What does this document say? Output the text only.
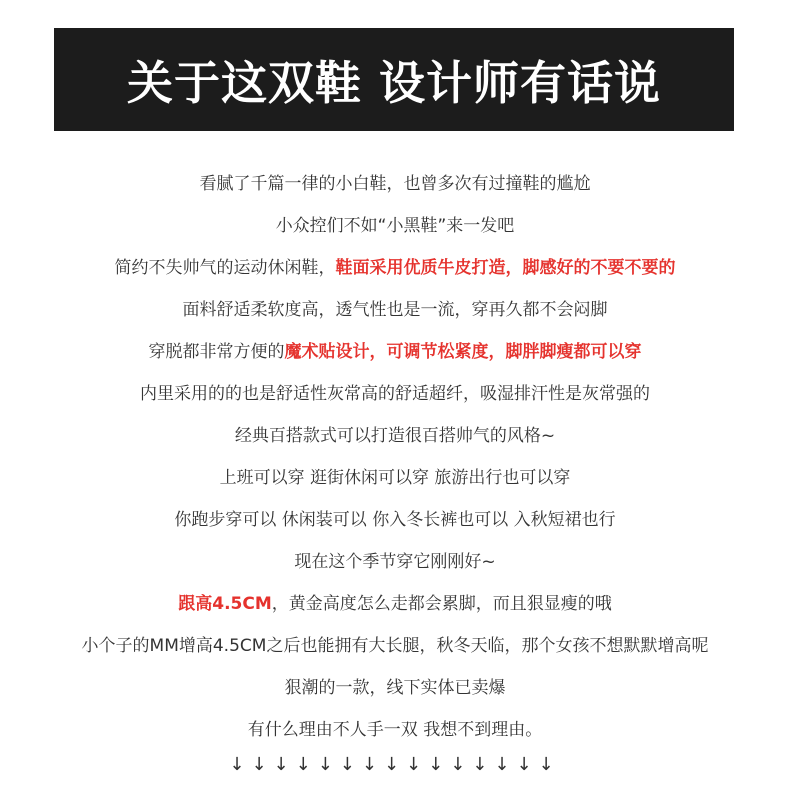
关于这双鞋 设计师有话说
看腻了千篇一律的小白鞋，也曾多次有过撞鞋的尴尬
小众控们不如“小黑鞋”来一发吧
简约不失帅气的运动休闲鞋，鞋面采用优质牛皮打造，脚感好的不要不要的
面料舒适柔软度高，透气性也是一流，穿再久都不会闷脚
穿脱都非常方便的魔术贴设计，可调节松紧度，脚胖脚瘦都可以穿
内里采用的的也是舒适性灰常高的舒适超纤，吸湿排汗性是灰常强的
经典百搭款式可以打造很百搭帅气的风格~
上班可以穿 逛街休闲可以穿 旅游出行也可以穿
你跑步穿可以 休闲装可以 你入冬长裤也可以 入秋短裙也行
现在这个季节穿它刚刚好~
跟高4.5CM，黄金高度怎么走都会累脚，而且狠显瘦的哦
小个子的MM增高4.5CM之后也能拥有大长腿，秋冬天临，那个女孩不想默默增高呢
狠潮的一款，线下实体已卖爆
有什么理由不人手一双 我想不到理由。
↓↓↓↓↓↓↓↓↓↓↓↓↓↓↓
